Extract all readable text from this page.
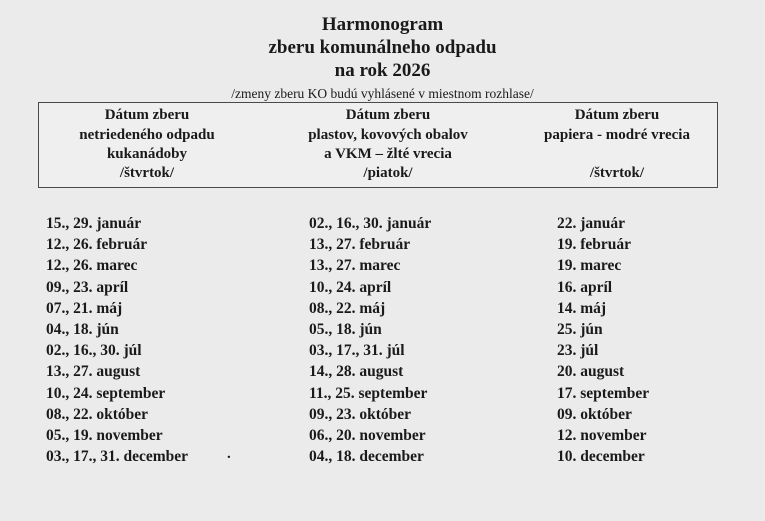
Harmonogram
zberu komunálneho odpadu
na rok 2026
/zmeny zberu KO budú vyhlásené v miestnom rozhlase/
Dátum zberu
netriedeného odpadu
kukanádoby
/štvrtok/
Dátum zberu
plastov, kovových obalov
a VKM – žlté vrecia
/piatok/
Dátum zberu
papiera - modré vrecia
/štvrtok/
15., 29. január
12., 26. február
12., 26. marec
09., 23. apríl
07., 21. máj
04., 18. jún
02., 16., 30. júl
13., 27. august
10., 24. september
08., 22. október
05., 19. november
03., 17., 31. december	.
02., 16., 30. január
13., 27. február
13., 27. marec
10., 24. apríl
08., 22. máj
05., 18. jún
03., 17., 31. júl
14., 28. august
11., 25. september
09., 23. október
06., 20. november
04., 18. december
22. január
19. február
19. marec
16. apríl
14. máj
25. jún
23. júl
20. august
17. september
09. október
12. november
10. december
